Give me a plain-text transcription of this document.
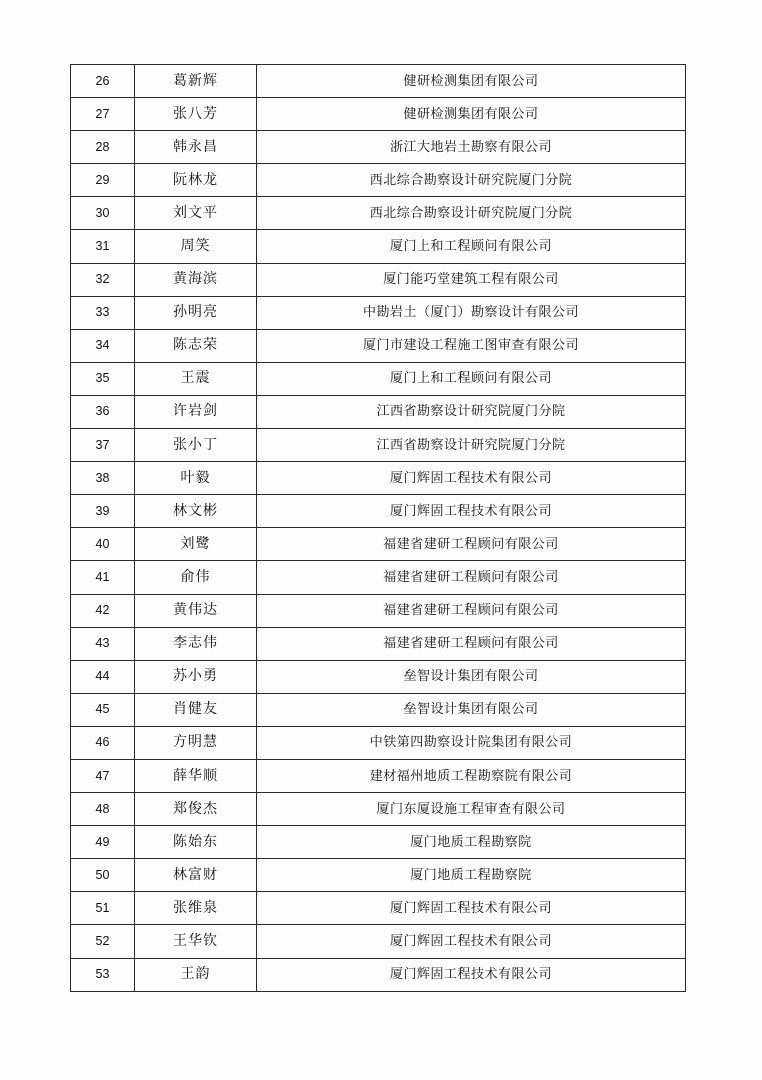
26	葛新辉	健研检测集团有限公司
27	张八芳	健研检测集团有限公司
28	韩永昌	浙江大地岩土勘察有限公司
29	阮林龙	西北综合勘察设计研究院厦门分院
30	刘文平	西北综合勘察设计研究院厦门分院
31	周笑	厦门上和工程顾问有限公司
32	黄海滨	厦门能巧堂建筑工程有限公司
33	孙明亮	中勘岩土（厦门）勘察设计有限公司
34	陈志荣	厦门市建设工程施工图审查有限公司
35	王震	厦门上和工程顾问有限公司
36	许岩剑	江西省勘察设计研究院厦门分院
37	张小丁	江西省勘察设计研究院厦门分院
38	叶毅	厦门辉固工程技术有限公司
39	林文彬	厦门辉固工程技术有限公司
40	刘鹭	福建省建研工程顾问有限公司
41	俞伟	福建省建研工程顾问有限公司
42	黄伟达	福建省建研工程顾问有限公司
43	李志伟	福建省建研工程顾问有限公司
44	苏小勇	垒智设计集团有限公司
45	肖健友	垒智设计集团有限公司
46	方明慧	中铁第四勘察设计院集团有限公司
47	薛华顺	建材福州地质工程勘察院有限公司
48	郑俊杰	厦门东厦设施工程审查有限公司
49	陈始东	厦门地质工程勘察院
50	林富财	厦门地质工程勘察院
51	张维泉	厦门辉固工程技术有限公司
52	王华钦	厦门辉固工程技术有限公司
53	王韵	厦门辉固工程技术有限公司
